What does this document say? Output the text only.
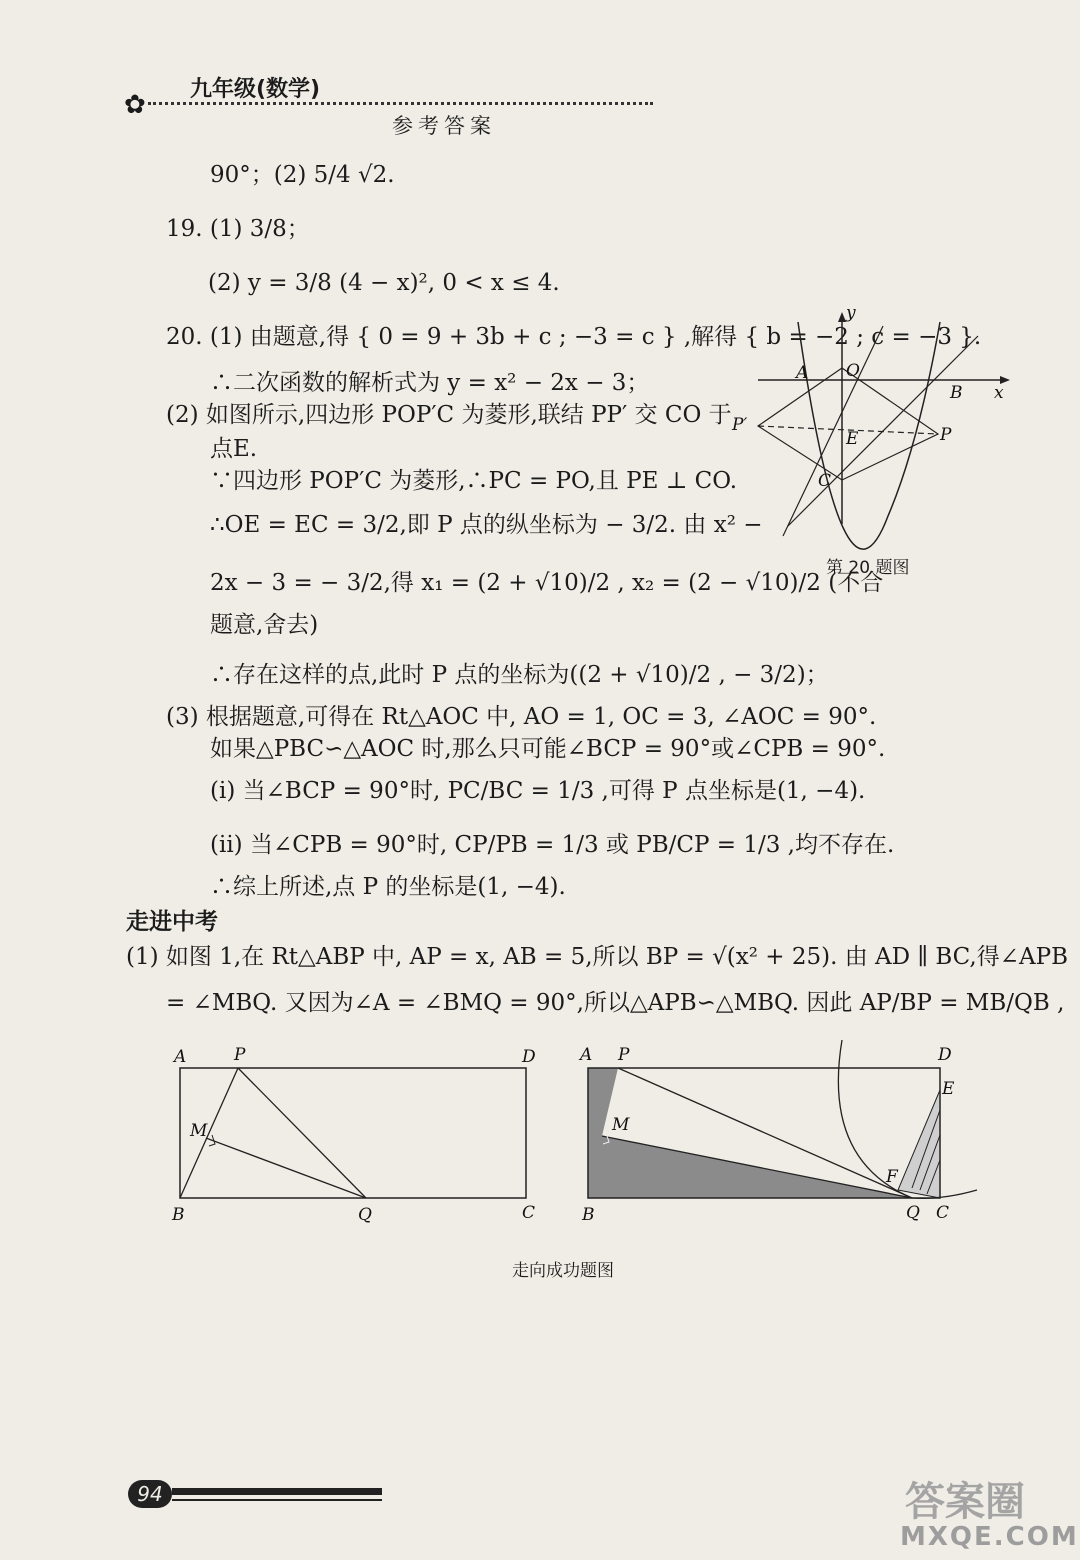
✿
九年级(数学)
参考答案
90°；(2) 5/4 √2.
19. (1) 3/8；
(2) y = 3/8 (4 − x)², 0 < x ≤ 4.
20. (1) 由题意,得 { 0 = 9 + 3b + c ; −3 = c } ,解得 { b = −2 ; c = −3 }.
∴二次函数的解析式为 y = x² − 2x − 3；
(2) 如图所示,四边形 POP′C 为菱形,联结 PP′ 交 CO 于
点E.
∵四边形 POP′C 为菱形,∴PC = PO,且 PE ⊥ CO.
∴OE = EC = 3/2,即 P 点的纵坐标为 − 3/2. 由 x² −
2x − 3 = − 3/2,得 x₁ = (2 + √10)/2 , x₂ = (2 − √10)/2 (不合
题意,舍去)
∴存在这样的点,此时 P 点的坐标为((2 + √10)/2 , − 3/2)；
(3) 根据题意,可得在 Rt△AOC 中, AO = 1, OC = 3, ∠AOC = 90°.
如果△PBC∽△AOC 时,那么只可能∠BCP = 90°或∠CPB = 90°.
(i) 当∠BCP = 90°时, PC/BC = 1/3 ,可得 P 点坐标是(1, −4).
(ii) 当∠CPB = 90°时, CP/PB = 1/3 或 PB/CP = 1/3 ,均不存在.
∴综上所述,点 P 的坐标是(1, −4).
走进中考
(1) 如图 1,在 Rt△ABP 中, AP = x, AB = 5,所以 BP = √(x² + 25). 由 AD ∥ BC,得∠APB
= ∠MBQ. 又因为∠A = ∠BMQ = 90°,所以△APB∽△MBQ. 因此 AP/BP = MB/QB ,
y
x
O
A
B
P′
E	P
C
第 20 题图
A	P	D
M
B	Q	C
A P	D
E
M
F
B	Q C
走向成功题图
94	答案圈
MXQE.COM
